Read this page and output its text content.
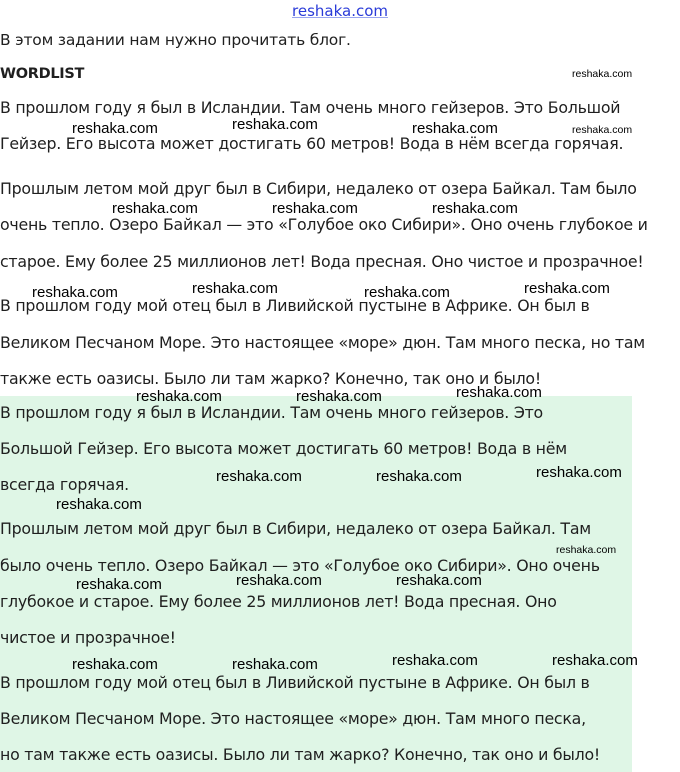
reshaka.com
В этом задании нам нужно прочитать блог.
WORDLIST
В прошлом году я был в Исландии. Там очень много гейзеров. Это Большой
Гейзер. Его высота может достигать 60 метров! Вода в нём всегда горячая.
Прошлым летом мой друг был в Сибири, недалеко от озера Байкал. Там было
очень тепло. Озеро Байкал — это «Голубое око Сибири». Оно очень глубокое и
старое. Ему более 25 миллионов лет! Вода пресная. Оно чистое и прозрачное!
В прошлом году мой отец был в Ливийской пустыне в Африке. Он был в
Великом Песчаном Море. Это настоящее «море» дюн. Там много песка, но там
также есть оазисы. Было ли там жарко? Конечно, так оно и было!
В прошлом году я был в Исландии. Там очень много гейзеров. Это
Большой Гейзер. Его высота может достигать 60 метров! Вода в нём
всегда горячая.
Прошлым летом мой друг был в Сибири, недалеко от озера Байкал. Там
было очень тепло. Озеро Байкал — это «Голубое око Сибири». Оно очень
глубокое и старое. Ему более 25 миллионов лет! Вода пресная. Оно
чистое и прозрачное!
В прошлом году мой отец был в Ливийской пустыне в Африке. Он был в
Великом Песчаном Море. Это настоящее «море» дюн. Там много песка,
но там также есть оазисы. Было ли там жарко? Конечно, так оно и было!
reshaka.com
reshaka.com	reshaka.com	reshaka.com	reshaka.com
reshaka.com	reshaka.com	reshaka.com
reshaka.com	reshaka.com	reshaka.com	reshaka.com
reshaka.com	reshaka.com	reshaka.com
reshaka.com	reshaka.com	reshaka.com
reshaka.com
reshaka.com
reshaka.com	reshaka.com	reshaka.com
reshaka.com	reshaka.com	reshaka.com	reshaka.com
